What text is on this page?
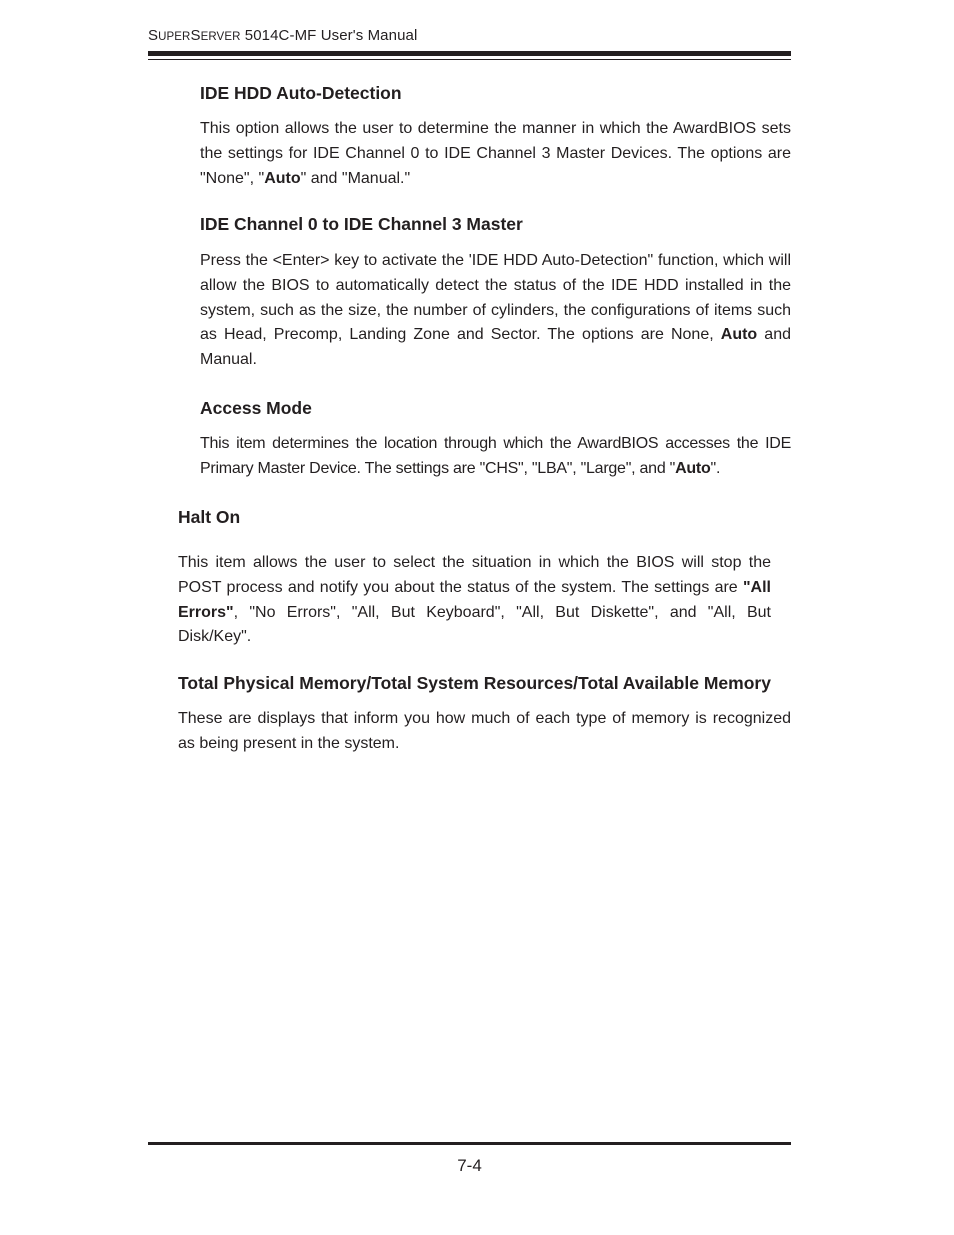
SUPERSERVER 5014C-MF User's Manual
IDE HDD Auto-Detection

This option allows the user to determine the manner in which the AwardBIOS sets the settings for IDE Channel 0 to IDE Channel 3 Master Devices. The options are "None", "Auto" and "Manual."

IDE Channel 0 to IDE Channel 3 Master

Press the <Enter> key to activate the 'IDE HDD Auto-Detection" function, which will allow the BIOS to automatically detect the status of the IDE HDD installed in the system, such as the size, the number of cylinders, the configurations of items such as Head, Precomp, Landing Zone and Sector. The options are None, Auto and Manual.

Access Mode

This item determines the location through which the AwardBIOS accesses the IDE Primary Master Device. The settings are "CHS", "LBA", "Large", and "Auto".

Halt On

This item allows the user to select the situation in which the BIOS will stop the POST process and notify you about the status of the system. The settings are "All Errors", "No Errors", "All, But Keyboard", "All, But Diskette", and "All, But Disk/Key".

Total Physical Memory/Total System Resources/Total Available Memory

These are displays that inform you how much of each type of memory is recognized as being present in the system.

7-4
